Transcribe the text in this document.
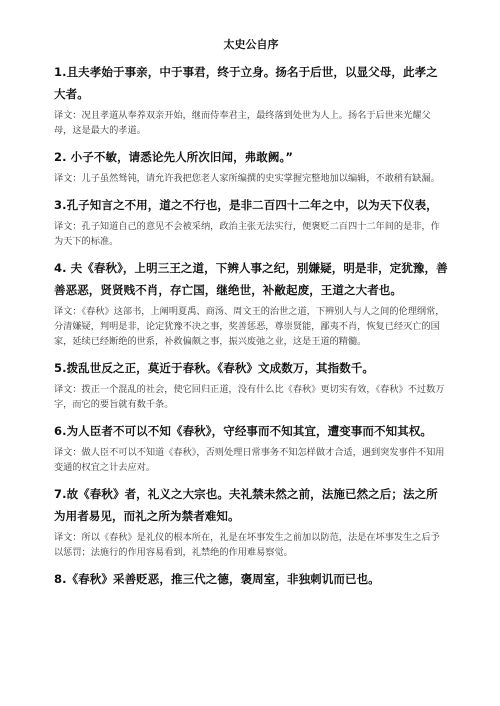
太史公自序
1.且夫孝始于事亲，中于事君，终于立身。扬名于后世，以显父母，此孝之大者。
译文：况且孝道从奉养双亲开始，继而侍奉君主，最终落到处世为人上。扬名于后世来光耀父母，这是最大的孝道。
2. 小子不敏，请悉论先人所次旧闻，弗敢阙。”
译文：儿子虽然驽钝，请允许我把您老人家所编撰的史实掌握完整地加以编辑，不敢稍有缺漏。
3.孔子知言之不用，道之不行也，是非二百四十二年之中，以为天下仪表，
译文：孔子知道自己的意见不会被采纳，政治主张无法实行，便褒贬二百四十二年间的是非，作为天下的标准。
4. 夫《春秋》，上明三王之道，下辨人事之纪，别嫌疑，明是非，定犹豫，善善恶恶，贤贤贱不肖，存亡国，继绝世，补敝起废，王道之大者也。
译文：《春秋》这部书，上阐明夏禹、商汤、周文王的治世之道，下辨别人与人之间的伦理纲常，分清嫌疑，判明是非，论定犹豫不决之事，奖善惩恶，尊崇贤能，鄙夷不肖，恢复已经灭亡的国家，延续已经断绝的世系，补救偏颇之事，振兴废弛之业，这是王道的精髓。
5.拨乱世反之正，莫近于春秋。《春秋》文成数万，其指数千。
译文：拨正一个混乱的社会，使它回归正道，没有什么比《春秋》更切实有效，《春秋》不过数万字，而它的要旨就有数千条。
6.为人臣者不可以不知《春秋》，守经事而不知其宜，遭变事而不知其权。
译文：做人臣不可以不知道《春秋》，否则处理日常事务不知怎样做才合适，遇到突发事件不知用变通的权宜之计去应对。
7.故《春秋》者，礼义之大宗也。夫礼禁未然之前，法施已然之后；法之所为用者易见，而礼之所为禁者难知。
译文：所以《春秋》是礼仪的根本所在，礼是在坏事发生之前加以防范，法是在坏事发生之后予以惩罚；法施行的作用容易看到，礼禁绝的作用难易察觉。
8.《春秋》采善贬恶，推三代之德，褒周室，非独刺讥而已也。
